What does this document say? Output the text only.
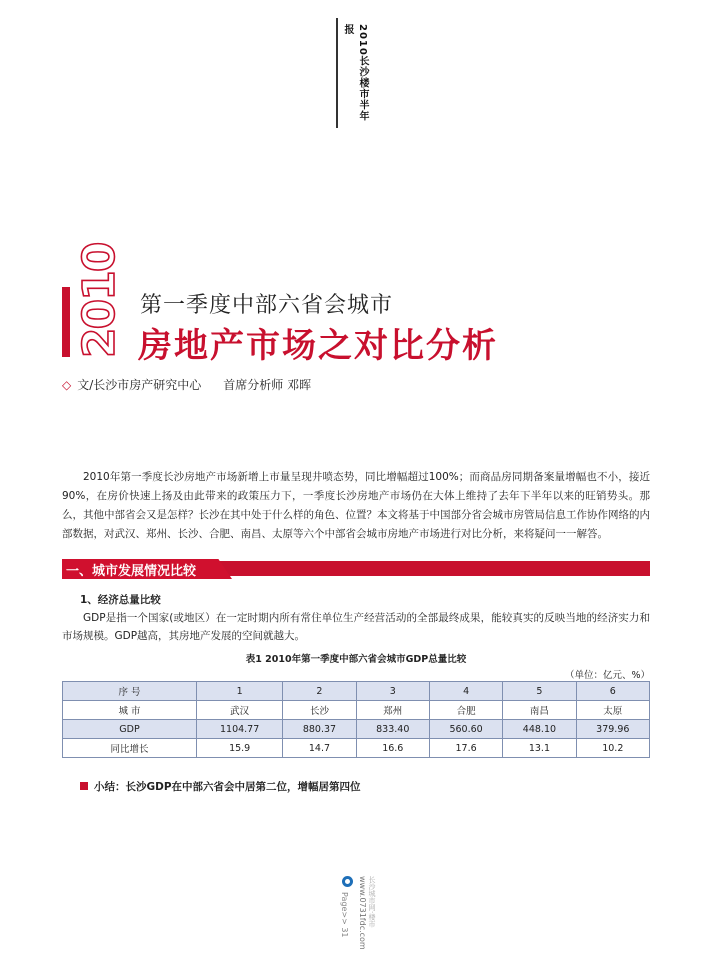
2010长沙楼市半年报
2010 第一季度中部六省会城市
房地产市场之对比分析
◇ 文/长沙市房产研究中心 首席分析师 邓晖

2010年第一季度长沙房地产市场新增上市量呈现井喷态势，同比增幅超过100%；而商品房同期备案量增幅也不小，接近90%，在房价快速上扬及由此带来的政策压力下，一季度长沙房地产市场仍在大体上维持了去年下半年以来的旺销势头。那么，其他中部省会又是怎样？长沙在其中处于什么样的角色、位置？本文将基于中国部分省会城市房管局信息工作协作网络的内部数据，对武汉、郑州、长沙、合肥、南昌、太原等六个中部省会城市房地产市场进行对比分析，来将疑问一一解答。

一、城市发展情况比较
1、经济总量比较

GDP是指一个国家(或地区）在一定时期内所有常住单位生产经营活动的全部最终成果，能较真实的反映当地的经济实力和市场规模。GDP越高，其房地产发展的空间就越大。

表1 2010年第一季度中部六省会城市GDP总量比较
（单位：亿元、%）
序 号	1	2	3	4	5	6
城 市	武汉	长沙	郑州	合肥	南昌	太原
GDP	1104.77	880.37	833.40	560.60	448.10	379.96
同比增长	15.9	14.7	16.6	17.6	13.1	10.2
小结：长沙GDP在中部六省会中居第二位，增幅居第四位
Page>> 31 www.0731fdc.com 长沙城市网·楼市
